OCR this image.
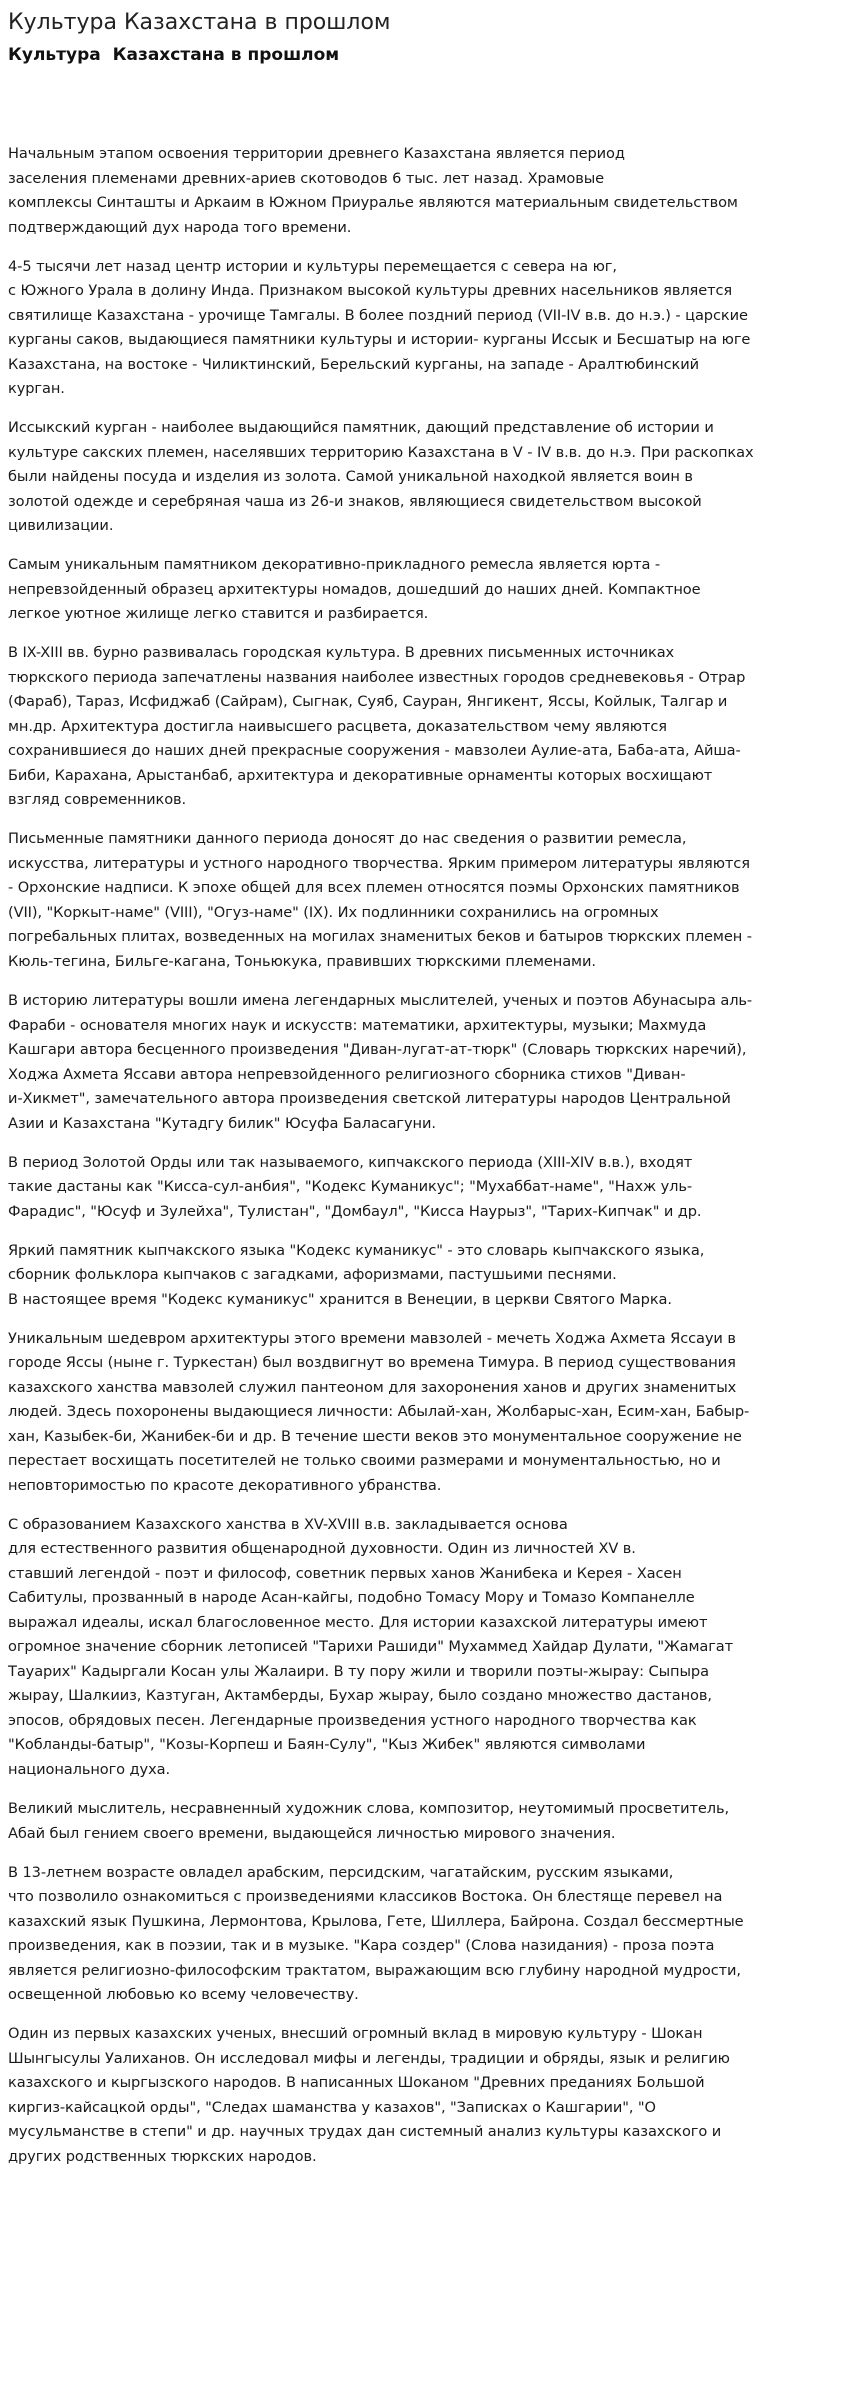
Культура Казахстана в прошлом
Культура  Казахстана в прошлом

Начальным этапом освоения территории древнего Казахстана является период
заселения племенами древних-ариев скотоводов 6 тыс. лет назад. Храмовые
комплексы Синташты и Аркаим в Южном Приуралье являются материальным свидетельством
подтверждающий дух народа того времени.

4-5 тысячи лет назад центр истории и культуры перемещается с севера на юг,
с Южного Урала в долину Инда. Признаком высокой культуры древних насельников является
святилище Казахстана - урочище Тамгалы. В более поздний период (VII-IV в.в. до н.э.) - царские
курганы саков, выдающиеся памятники культуры и истории- курганы Иссык и Бесшатыр на юге
Казахстана, на востоке - Чиликтинский, Берельский курганы, на западе - Аралтюбинский
курган.

Иссыкский курган - наиболее выдающийся памятник, дающий представление об истории и
культуре сакских племен, населявших территорию Казахстана в V - IV в.в. до н.э. При раскопках
были найдены посуда и изделия из золота. Самой уникальной находкой является воин в
золотой одежде и серебряная чаша из 26-и знаков, являющиеся свидетельством высокой
цивилизации.

Самым уникальным памятником декоративно-прикладного ремесла является юрта -
непревзойденный образец архитектуры номадов, дошедший до наших дней. Компактное
легкое уютное жилище легко ставится и разбирается.

В IX-XIII вв. бурно развивалась городская культура. В древних письменных источниках
тюркского периода запечатлены названия наиболее известных городов средневековья - Отрар
(Фараб), Тараз, Исфиджаб (Сайрам), Сыгнак, Суяб, Сауран, Янгикент, Яссы, Койлык, Талгар и
мн.др. Архитектура достигла наивысшего расцвета, доказательством чему являются
сохранившиеся до наших дней прекрасные сооружения - мавзолеи Аулие-ата, Баба-ата, Айша-
Биби, Карахана, Арыстанбаб, архитектура и декоративные орнаменты которых восхищают
взгляд современников.

Письменные памятники данного периода доносят до нас сведения о развитии ремесла,
искусства, литературы и устного народного творчества. Ярким примером литературы являются
- Орхонские надписи. К эпохе общей для всех племен относятся поэмы Орхонских памятников
(VII), "Коркыт-наме" (VIII), "Огуз-наме" (IX). Их подлинники сохранились на огромных
погребальных плитах, возведенных на могилах знаменитых беков и батыров тюркских племен -
Кюль-тегина, Бильге-кагана, Тоньюкука, правивших тюркскими племенами.

В историю литературы вошли имена легендарных мыслителей, ученых и поэтов Абунасыра аль-
Фараби - основателя многих наук и искусств: математики, архитектуры, музыки; Махмуда
Кашгари автора бесценного произведения "Диван-лугат-ат-тюрк" (Словарь тюркских наречий),
Ходжа Ахмета Яссави автора непревзойденного религиозного сборника стихов "Диван-
и-Хикмет", замечательного автора произведения светской литературы народов Центральной
Азии и Казахстана "Кутадгу билик" Юсуфа Баласагуни.

В период Золотой Орды или так называемого, кипчакского периода (XIII-XIV в.в.), входят
такие дастаны как "Кисса-сул-анбия", "Кодекс Куманикус"; "Мухаббат-наме", "Нахж уль-
Фарадис", "Юсуф и Зулейха", Тулистан", "Домбаул", "Кисса Наурыз", "Тарих-Кипчак" и др.

Яркий памятник кыпчакского языка "Кодекс куманикус" - это словарь кыпчакского языка,
сборник фольклора кыпчаков с загадками, афоризмами, пастушьими песнями.
В настоящее время "Кодекс куманикус" хранится в Венеции, в церкви Святого Марка.

Уникальным шедевром архитектуры этого времени мавзолей - мечеть Ходжа Ахмета Яссауи в
городе Яссы (ныне г. Туркестан) был воздвигнут во времена Тимура. В период существования
казахского ханства мавзолей служил пантеоном для захоронения ханов и других знаменитых
людей. Здесь похоронены выдающиеся личности: Абылай-хан, Жолбарыс-хан, Есим-хан, Бабыр-
хан, Казыбек-би, Жанибек-би и др. В течение шести веков это монументальное сооружение не
перестает восхищать посетителей не только своими размерами и монументальностью, но и
неповторимостью по красоте декоративного убранства.

С образованием Казахского ханства в XV-XVIII в.в. закладывается основа
для естественного развития общенародной духовности. Один из личностей XV в.
ставший легендой - поэт и философ, советник первых ханов Жанибека и Керея - Хасен
Сабитулы, прозванный в народе Асан-кайгы, подобно Томасу Мору и Томазо Компанелле
выражал идеалы, искал благословенное место. Для истории казахской литературы имеют
огромное значение сборник летописей "Тарихи Рашиди" Мухаммед Хайдар Дулати, "Жамагат
Тауарих" Кадыргали Косан улы Жалаири. В ту пору жили и творили поэты-жырау: Сыпыра
жырау, Шалкииз, Казтуган, Актамберды, Бухар жырау, было создано множество дастанов,
эпосов, обрядовых песен. Легендарные произведения устного народного творчества как
"Кобланды-батыр", "Козы-Корпеш и Баян-Сулу", "Кыз Жибек" являются символами
национального духа.

Великий мыслитель, несравненный художник слова, композитор, неутомимый просветитель,
Абай был гением своего времени, выдающейся личностью мирового значения.

В 13-летнем возрасте овладел арабским, персидским, чагатайским, русским языками,
что позволило ознакомиться с произведениями классиков Востока. Он блестяще перевел на
казахский язык Пушкина, Лермонтова, Крылова, Гете, Шиллера, Байрона. Создал бессмертные
произведения, как в поэзии, так и в музыке. "Кара создер" (Слова назидания) - проза поэта
является религиозно-философским трактатом, выражающим всю глубину народной мудрости,
освещенной любовью ко всему человечеству.

Один из первых казахских ученых, внесший огромный вклад в мировую культуру - Шокан
Шынгысулы Уалиханов. Он исследовал мифы и легенды, традиции и обряды, язык и религию
казахского и кыргызского народов. В написанных Шоканом "Древних преданиях Большой
киргиз-кайсацкой орды", "Следах шаманства у казахов", "Записках о Кашгарии", "О
мусульманстве в степи" и др. научных трудах дан системный анализ культуры казахского и
других родственных тюркских народов.
